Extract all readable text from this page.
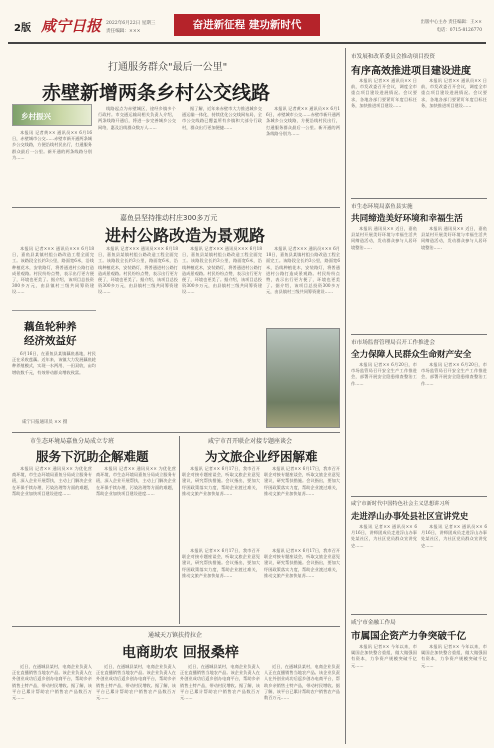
2版 咸宁日报 2022年6月22日 星期三
责任编辑：×××
奋进新征程 建功新时代	出版中心主办 责任编辑：王××
电话：0715-8126770
打通服务群众"最后一公里"
赤壁新增两条乡村公交线路
乡村振兴
本报讯 记者黄×× 通讯员×× 6月16日，赤壁城市公交……赤壁市新开通两条城乡公交线路，方便沿线村民出行，打通服务群众最后一公里。新开通的两条线路分别为……
线路起点为赤壁城区，途经乡镇多个行政村。市交通运输局相关负责人介绍，两条线路开通后，将进一步完善城乡公交网络，惠及沿线群众数万人……
据了解，近年来赤壁市大力推进城乡交通运输一体化，持续优化公交线网布局，全市公交线路已覆盖所有乡镇和大部分行政村，群众出行更加便捷……
本报讯 记者黄×× 通讯员×× 6月16日，赤壁城市公交……赤壁市新开通两条城乡公交线路，方便沿线村民出行，打通服务群众最后一公里。新开通的两条线路分别为……
嘉鱼县坚持推动村庄300多万元
进村公路改造为景观路
本报讯 记者××× 通讯员××× 6月18日，嘉鱼县某镇村组公路改造工程全面完工。该路段全长约3公里，路面宽6米，沿线种植花木，安装路灯，将普通进村公路打造成景观路。村民纷纷点赞，表示出行更方便了，环境也更美了。据介绍，该项目总投资300多万元，由县镇村三级共同筹资建设……
本报讯 记者××× 通讯员××× 6月18日，嘉鱼县某镇村组公路改造工程全面完工。该路段全长约3公里，路面宽6米，沿线种植花木，安装路灯，将普通进村公路打造成景观路。村民纷纷点赞，表示出行更方便了，环境也更美了。据介绍，该项目总投资300多万元，由县镇村三级共同筹资建设……
本报讯 记者××× 通讯员××× 6月18日，嘉鱼县某镇村组公路改造工程全面完工。该路段全长约3公里，路面宽6米，沿线种植花木，安装路灯，将普通进村公路打造成景观路。村民纷纷点赞，表示出行更方便了，环境也更美了。据介绍，该项目总投资300多万元，由县镇村三级共同筹资建设……
本报讯 记者××× 通讯员××× 6月18日，嘉鱼县某镇村组公路改造工程全面完工。该路段全长约3公里，路面宽6米，沿线种植花木，安装路灯，将普通进村公路打造成景观路。村民纷纷点赞，表示出行更方便了，环境也更美了。据介绍，该项目总投资300多万元，由县镇村三级共同筹资建设……
藕鱼轮种养
经济效益好
6月16日，在嘉鱼县某镇藕鱼基地，村民正在采收莲藕。近年来，该镇大力发展藕鱼轮种养殖模式，实现一水两用、一田双收，亩均增收数千元，有效带动群众增收致富。
咸宁日报通讯员 ×× 摄
市生态环境局嘉鱼分局成立专班
服务下沉助企解难题
本报讯 记者×× 通讯员×× 为优化营商环境，市生态环境局嘉鱼分局成立服务专班，深入企业开展帮扶，主动上门解决企业在环保手续办理、污染治理等方面的难题，帮助企业加快项目建设进度……
本报讯 记者×× 通讯员×× 为优化营商环境，市生态环境局嘉鱼分局成立服务专班，深入企业开展帮扶，主动上门解决企业在环保手续办理、污染治理等方面的难题，帮助企业加快项目建设进度……
咸宁市召开联企对接专题座谈会
为文旅企业纾困解难
本报讯 记者×× 6月17日，我市召开联企对接专题座谈会，听取文旅企业意见建议，研究帮扶措施。会议指出，要加大纾困政策落实力度，帮助企业渡过难关，推动文旅产业加快复苏……
本报讯 记者×× 6月17日，我市召开联企对接专题座谈会，听取文旅企业意见建议，研究帮扶措施。会议指出，要加大纾困政策落实力度，帮助企业渡过难关，推动文旅产业加快复苏……
本报讯 记者×× 6月17日，我市召开联企对接专题座谈会，听取文旅企业意见建议，研究帮扶措施。会议指出，要加大纾困政策落实力度，帮助企业渡过难关，推动文旅产业加快复苏……
本报讯 记者×× 6月17日，我市召开联企对接专题座谈会，听取文旅企业意见建议，研究帮扶措施。会议指出，要加大纾困政策落实力度，帮助企业渡过难关，推动文旅产业加快复苏……
通城天万镇扶持拉企
电商助农 回报桑梓
近日，在通城县某村，电商企业负责人正在直播销售当地农产品。该企业负责人在外创业成功后返乡创办电商平台，帮助乡亲销售土特产品，带动村民增收。据了解，该平台已累计帮助农户销售农产品数百万元……
近日，在通城县某村，电商企业负责人正在直播销售当地农产品。该企业负责人在外创业成功后返乡创办电商平台，帮助乡亲销售土特产品，带动村民增收。据了解，该平台已累计帮助农户销售农产品数百万元……
近日，在通城县某村，电商企业负责人正在直播销售当地农产品。该企业负责人在外创业成功后返乡创办电商平台，帮助乡亲销售土特产品，带动村民增收。据了解，该平台已累计帮助农户销售农产品数百万元……
近日，在通城县某村，电商企业负责人正在直播销售当地农产品。该企业负责人在外创业成功后返乡创办电商平台，帮助乡亲销售土特产品，带动村民增收。据了解，该平台已累计帮助农户销售农产品数百万元……
市发展和改革委员会推动项目投资
有序高效推进项目建设进度
本报讯 记者×× 通讯员×× 日前，市发改委召开会议，调度全市重点项目建设进展情况。会议要求，各地各部门要紧盯年度目标任务，加快推进项目建设……
本报讯 记者×× 通讯员×× 日前，市发改委召开会议，调度全市重点项目建设进展情况。会议要求，各地各部门要紧盯年度目标任务，加快推进项目建设……
市生态环境局嘉鱼县实施
共同缔造美好环境和幸福生活
本报讯 通讯员×× 近日，嘉鱼县某村开展美好环境与幸福生活共同缔造活动，发动群众参与人居环境整治……
本报讯 通讯员×× 近日，嘉鱼县某村开展美好环境与幸福生活共同缔造活动，发动群众参与人居环境整治……
市市场监督管理局召开工作推进会
全力保障人民群众生命财产安全
本报讯 记者×× 6月20日，市市场监管局召开安全生产工作推进会，部署开展安全隐患排查整治工作……
本报讯 记者×× 6月20日，市市场监管局召开安全生产工作推进会，部署开展安全隐患排查整治工作……
咸宁市新时代中国特色社会主义思想讲习所
走进浮山办事处县社区宣讲党史
本报讯 记者×× 通讯员×× 6月16日，讲师团成员走进浮山办事处某社区，为社区党员群众宣讲党史……
本报讯 记者×× 通讯员×× 6月16日，讲师团成员走进浮山办事处某社区，为社区党员群众宣讲党史……
咸宁市金融工作局
市属国企资产力争突破千亿
本报讯 记者×× 今年以来，市属国企加快整合重组，做大做强国有资本，力争资产规模突破千亿元……
本报讯 记者×× 今年以来，市属国企加快整合重组，做大做强国有资本，力争资产规模突破千亿元……
